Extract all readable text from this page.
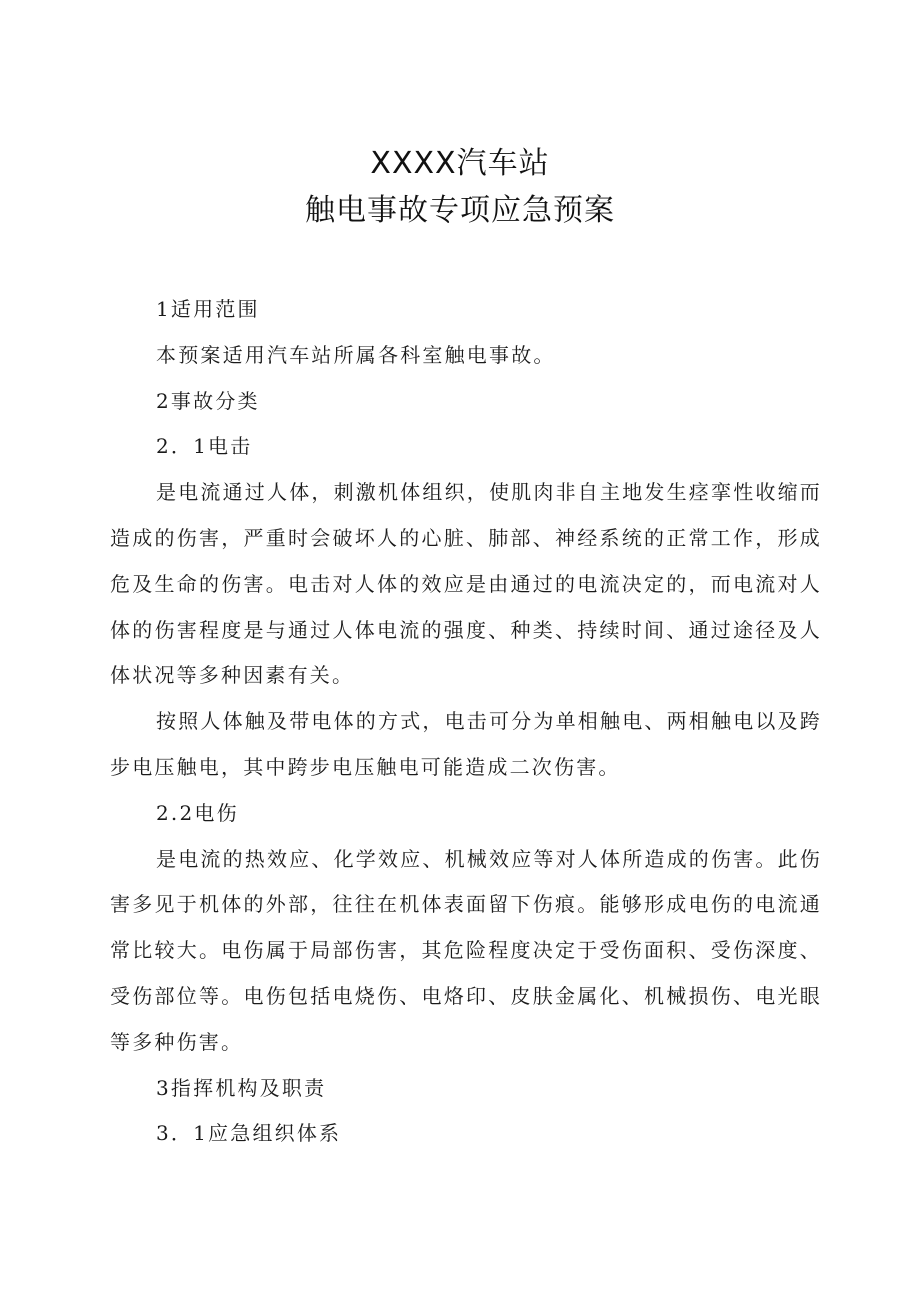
XXXX汽车站
触电事故专项应急预案

1适用范围

本预案适用汽车站所属各科室触电事故。

2事故分类

2．1电击

是电流通过人体，刺激机体组织，使肌肉非自主地发生痉挛性收缩而造成的伤害，严重时会破坏人的心脏、肺部、神经系统的正常工作，形成危及生命的伤害。电击对人体的效应是由通过的电流决定的，而电流对人体的伤害程度是与通过人体电流的强度、种类、持续时间、通过途径及人体状况等多种因素有关。

按照人体触及带电体的方式，电击可分为单相触电、两相触电以及跨步电压触电，其中跨步电压触电可能造成二次伤害。

2.2电伤

是电流的热效应、化学效应、机械效应等对人体所造成的伤害。此伤害多见于机体的外部，往往在机体表面留下伤痕。能够形成电伤的电流通常比较大。电伤属于局部伤害，其危险程度决定于受伤面积、受伤深度、受伤部位等。电伤包括电烧伤、电烙印、皮肤金属化、机械损伤、电光眼等多种伤害。

3指挥机构及职责

3．1应急组织体系
